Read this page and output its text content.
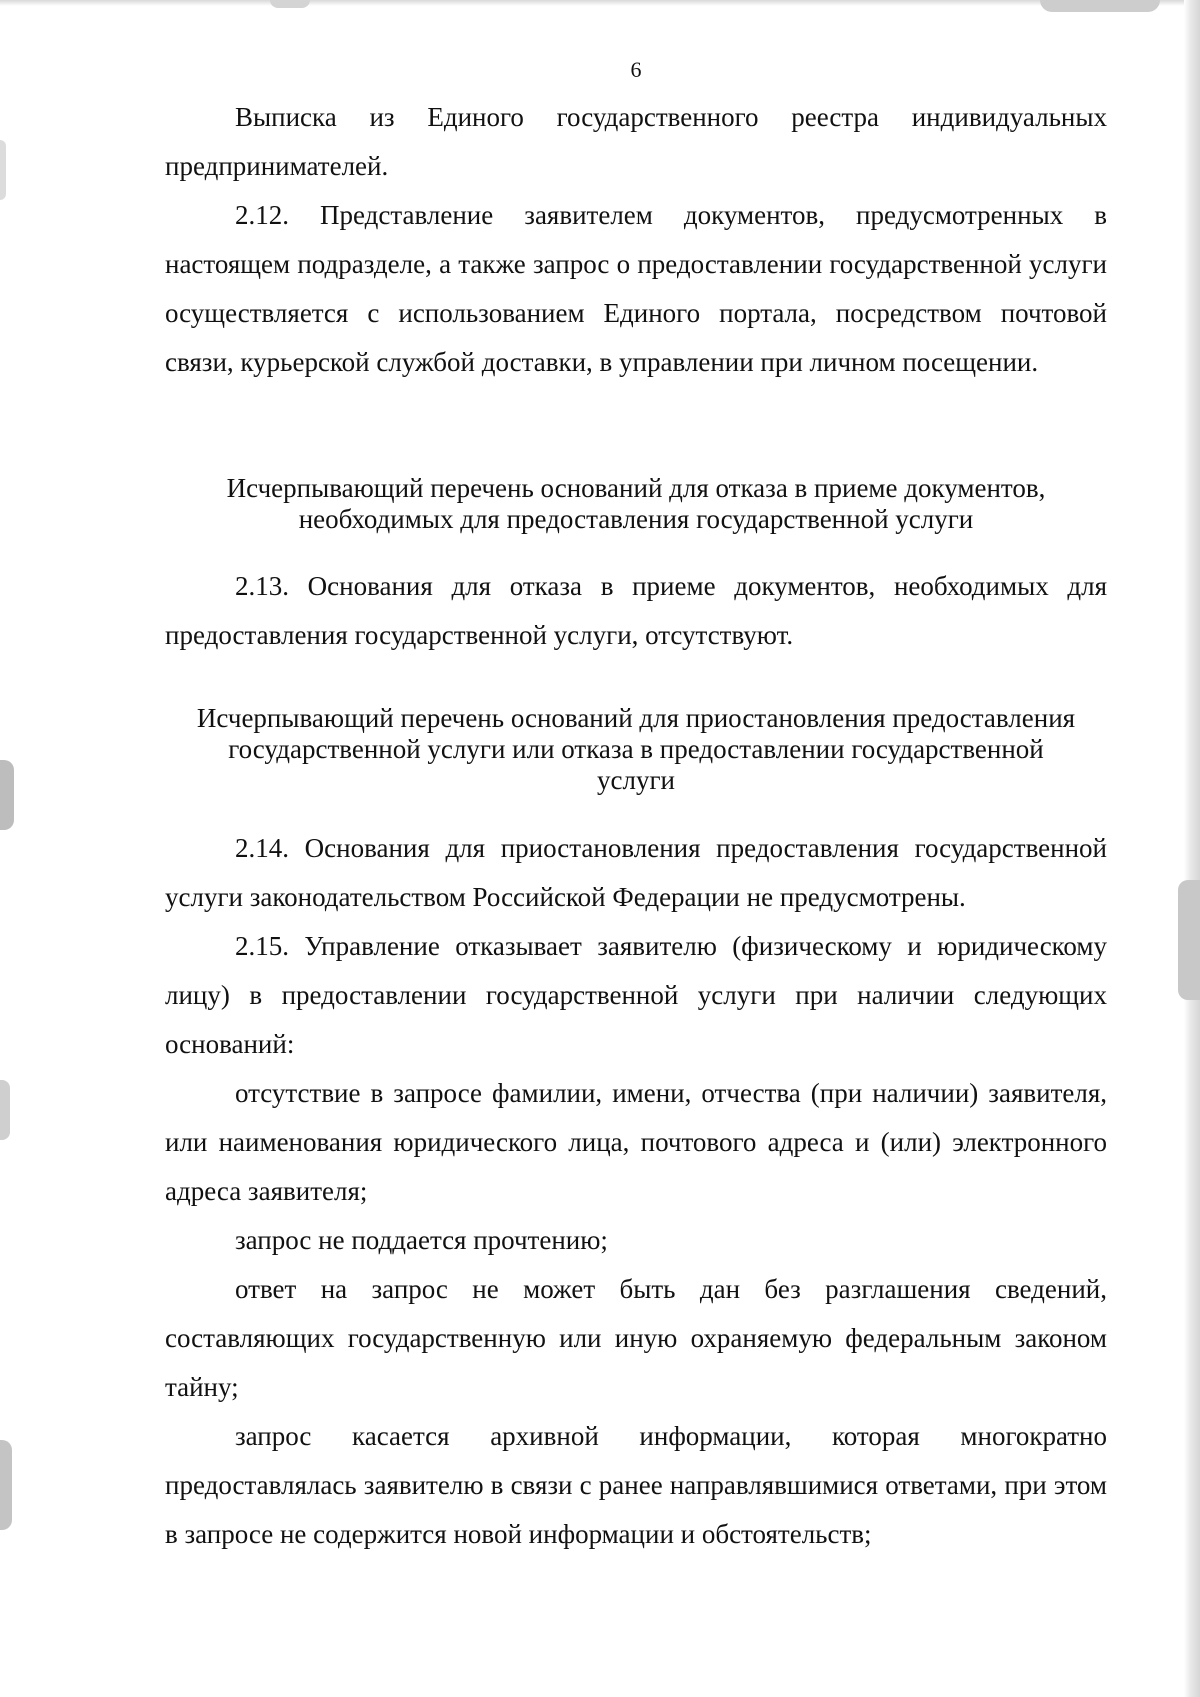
6

Выписка из Единого государственного реестра индивидуальных предпринимателей.

2.12. Представление заявителем документов, предусмотренных в настоящем подразделе, а также запрос о предоставлении государственной услуги осуществляется с использованием Единого портала, посредством почтовой связи, курьерской службой доставки, в управлении при личном посещении.

Исчерпывающий перечень оснований для отказа в приеме документов,

необходимых для предоставления государственной услуги

2.13. Основания для отказа в приеме документов, необходимых для предоставления государственной услуги, отсутствуют.

Исчерпывающий перечень оснований для приостановления предоставления

государственной услуги или отказа в предоставлении государственной

услуги

2.14. Основания для приостановления предоставления государственной услуги законодательством Российской Федерации не предусмотрены.

2.15. Управление отказывает заявителю (физическому и юридическому лицу) в предоставлении государственной услуги при наличии следующих оснований:

отсутствие в запросе фамилии, имени, отчества (при наличии) заявителя, или наименования юридического лица, почтового адреса и (или) электронного адреса заявителя;

запрос не поддается прочтению;

ответ на запрос не может быть дан без разглашения сведений, составляющих государственную или иную охраняемую федеральным законом тайну;

запрос касается архивной информации, которая многократно предоставлялась заявителю в связи с ранее направлявшимися ответами, при этом в запросе не содержится новой информации и обстоятельств;
